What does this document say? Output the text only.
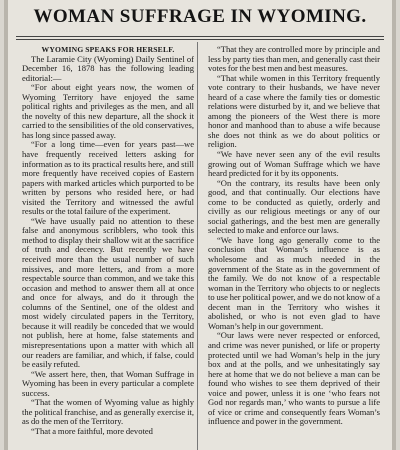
WOMAN SUFFRAGE IN WYOMING.

WYOMING SPEAKS FOR HERSELF.

The Laramie City (Wyoming) Daily Sentinel of December 16, 1878 has the following leading editorial:—

“For about eight years now, the women of Wyoming Territory have enjoyed the same political rights and privileges as the men, and all the novelty of this new departure, all the shock it carried to the sensibilities of the old conservatives, has long since passed away.

“For a long time—even for years past—we have frequently received letters asking for information as to its practical results here, and still more frequently have received copies of Eastern papers with marked articles which purported to be written by persons who resided here, or had visited the Territory and witnessed the awful results or the total failure of the experiment.

“We have usually paid no attention to these false and anonymous scribblers, who took this method to display their shallow wit at the sacrifice of truth and decency. But recently we have received more than the usual number of such missives, and more letters, and from a more respectable source than common, and we take this occasion and method to answer them all at once and once for always, and do it through the columns of the Sentinel, one of the oldest and most widely circulated papers in the Territory, because it will readily be conceded that we would not publish, here at home, false statements and misrepresentations upon a matter with which all our readers are familiar, and which, if false, could be easily refuted.

“We assert here, then, that Woman Suffrage in Wyoming has been in every particular a complete success.

“That the women of Wyoming value as highly the political franchise, and as generally exercise it, as do the men of the Territory.

“That a more faithful, more devoted

“That they are controlled more by principle and less by party ties than men, and generally cast their votes for the best men and best measures.

“That while women in this Territory frequently vote contrary to their husbands, we have never heard of a case where the family ties or domestic relations were disturbed by it, and we believe that among the pioneers of the West there is more honor and manhood than to abuse a wife because she does not think as we do about politics or religion.

“We have never seen any of the evil results growing out of Woman Suffrage which we have heard predicted for it by its opponents.

“On the contrary, its results have been only good, and that continually. Our elections have come to be conducted as quietly, orderly and civilly as our religious meetings or any of our social gatherings, and the best men are generally selected to make and enforce our laws.

“We have long ago generally come to the conclusion that Woman’s influence is as wholesome and as much needed in the government of the State as in the government of the family. We do not know of a respectable woman in the Territory who objects to or neglects to use her political power, and we do not know of a decent man in the Territory who wishes it abolished, or who is not even glad to have Woman’s help in our government.

“Our laws were never respected or enforced, and crime was never punished, or life or property protected until we had Woman’s help in the jury box and at the polls, and we unhesitatingly say here at home that we do not believe a man can be found who wishes to see them deprived of their voice and power, unless it is one ‘who fears not God nor regards man,’ who wants to pursue a life of vice or crime and consequently fears Woman’s influence and power in the government.
